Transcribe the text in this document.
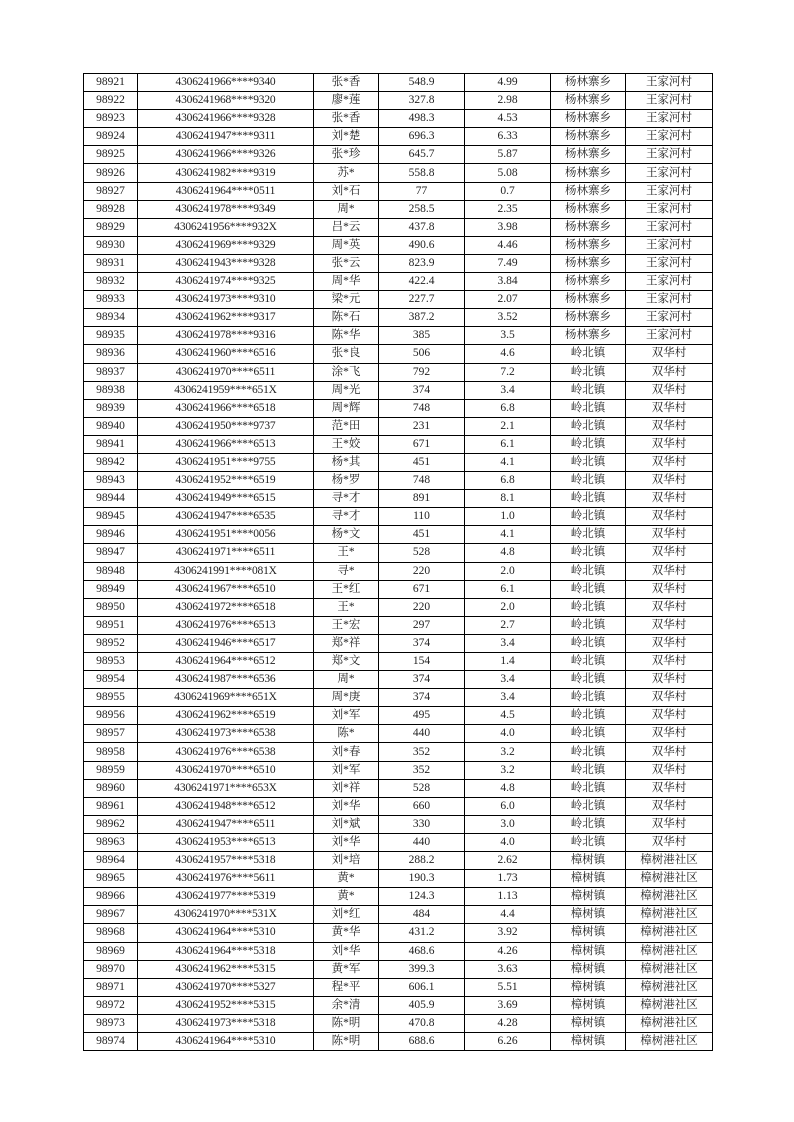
98921	4306241966****9340	张*香	548.9	4.99	杨林寨乡	王家河村
98922	4306241968****9320	廖*莲	327.8	2.98	杨林寨乡	王家河村
98923	4306241966****9328	张*香	498.3	4.53	杨林寨乡	王家河村
98924	4306241947****9311	刘*楚	696.3	6.33	杨林寨乡	王家河村
98925	4306241966****9326	张*珍	645.7	5.87	杨林寨乡	王家河村
98926	4306241982****9319	苏*	558.8	5.08	杨林寨乡	王家河村
98927	4306241964****0511	刘*石	77	0.7	杨林寨乡	王家河村
98928	4306241978****9349	周*	258.5	2.35	杨林寨乡	王家河村
98929	4306241956****932X	吕*云	437.8	3.98	杨林寨乡	王家河村
98930	4306241969****9329	周*英	490.6	4.46	杨林寨乡	王家河村
98931	4306241943****9328	张*云	823.9	7.49	杨林寨乡	王家河村
98932	4306241974****9325	周*华	422.4	3.84	杨林寨乡	王家河村
98933	4306241973****9310	梁*元	227.7	2.07	杨林寨乡	王家河村
98934	4306241962****9317	陈*石	387.2	3.52	杨林寨乡	王家河村
98935	4306241978****9316	陈*华	385	3.5	杨林寨乡	王家河村
98936	4306241960****6516	张*良	506	4.6	岭北镇	双华村
98937	4306241970****6511	涂*飞	792	7.2	岭北镇	双华村
98938	4306241959****651X	周*光	374	3.4	岭北镇	双华村
98939	4306241966****6518	周*辉	748	6.8	岭北镇	双华村
98940	4306241950****9737	范*田	231	2.1	岭北镇	双华村
98941	4306241966****6513	王*姣	671	6.1	岭北镇	双华村
98942	4306241951****9755	杨*其	451	4.1	岭北镇	双华村
98943	4306241952****6519	杨*罗	748	6.8	岭北镇	双华村
98944	4306241949****6515	寻*才	891	8.1	岭北镇	双华村
98945	4306241947****6535	寻*才	110	1.0	岭北镇	双华村
98946	4306241951****0056	杨*文	451	4.1	岭北镇	双华村
98947	4306241971****6511	王*	528	4.8	岭北镇	双华村
98948	4306241991****081X	寻*	220	2.0	岭北镇	双华村
98949	4306241967****6510	王*红	671	6.1	岭北镇	双华村
98950	4306241972****6518	王*	220	2.0	岭北镇	双华村
98951	4306241976****6513	王*宏	297	2.7	岭北镇	双华村
98952	4306241946****6517	郑*祥	374	3.4	岭北镇	双华村
98953	4306241964****6512	郑*文	154	1.4	岭北镇	双华村
98954	4306241987****6536	周*	374	3.4	岭北镇	双华村
98955	4306241969****651X	周*庚	374	3.4	岭北镇	双华村
98956	4306241962****6519	刘*军	495	4.5	岭北镇	双华村
98957	4306241973****6538	陈*	440	4.0	岭北镇	双华村
98958	4306241976****6538	刘*春	352	3.2	岭北镇	双华村
98959	4306241970****6510	刘*军	352	3.2	岭北镇	双华村
98960	4306241971****653X	刘*祥	528	4.8	岭北镇	双华村
98961	4306241948****6512	刘*华	660	6.0	岭北镇	双华村
98962	4306241947****6511	刘*斌	330	3.0	岭北镇	双华村
98963	4306241953****6513	刘*华	440	4.0	岭北镇	双华村
98964	4306241957****5318	刘*培	288.2	2.62	樟树镇	樟树港社区
98965	4306241976****5611	黄*	190.3	1.73	樟树镇	樟树港社区
98966	4306241977****5319	黄*	124.3	1.13	樟树镇	樟树港社区
98967	4306241970****531X	刘*红	484	4.4	樟树镇	樟树港社区
98968	4306241964****5310	黄*华	431.2	3.92	樟树镇	樟树港社区
98969	4306241964****5318	刘*华	468.6	4.26	樟树镇	樟树港社区
98970	4306241962****5315	黄*军	399.3	3.63	樟树镇	樟树港社区
98971	4306241970****5327	程*平	606.1	5.51	樟树镇	樟树港社区
98972	4306241952****5315	余*清	405.9	3.69	樟树镇	樟树港社区
98973	4306241973****5318	陈*明	470.8	4.28	樟树镇	樟树港社区
98974	4306241964****5310	陈*明	688.6	6.26	樟树镇	樟树港社区
